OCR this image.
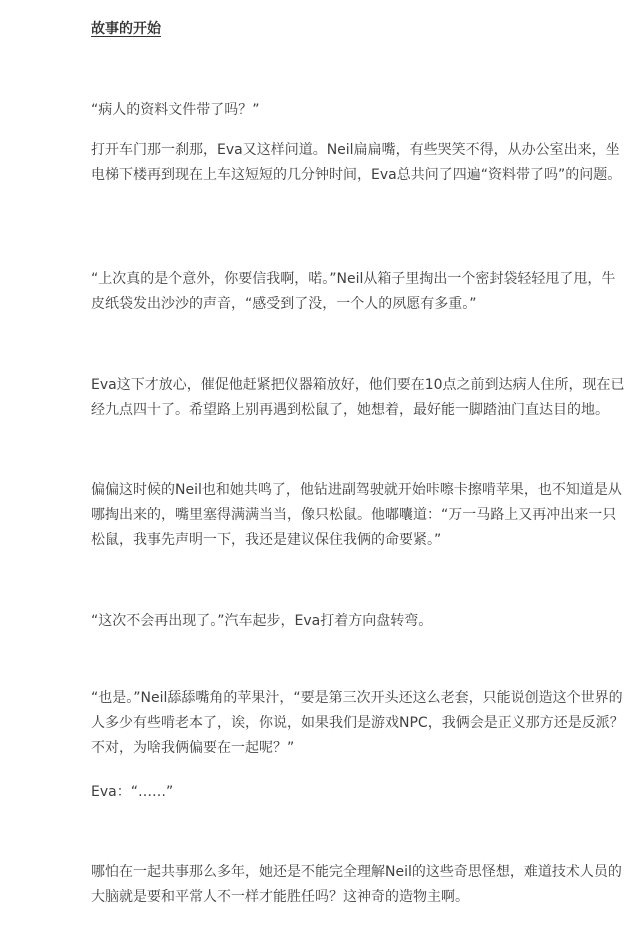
故事的开始

“病人的资料文件带了吗？”

打开车门那一刹那，Eva又这样问道。Neil扁扁嘴，有些哭笑不得，从办公室出来，坐电梯下楼再到现在上车这短短的几分钟时间，Eva总共问了四遍“资料带了吗”的问题。

“上次真的是个意外，你要信我啊，喏。”Neil从箱子里掏出一个密封袋轻轻甩了甩，牛皮纸袋发出沙沙的声音，“感受到了没，一个人的夙愿有多重。”

Eva这下才放心，催促他赶紧把仪器箱放好，他们要在10点之前到达病人住所，现在已经九点四十了。希望路上别再遇到松鼠了，她想着，最好能一脚踏油门直达目的地。

偏偏这时候的Neil也和她共鸣了，他钻进副驾驶就开始咔嚓卡擦啃苹果，也不知道是从哪掏出来的，嘴里塞得满满当当，像只松鼠。他嘟囔道：“万一马路上又再冲出来一只松鼠，我事先声明一下，我还是建议保住我俩的命要紧。”

“这次不会再出现了。”汽车起步，Eva打着方向盘转弯。

“也是。”Neil舔舔嘴角的苹果汁，“要是第三次开头还这么老套，只能说创造这个世界的人多少有些啃老本了，诶，你说，如果我们是游戏NPC，我俩会是正义那方还是反派？不对，为啥我俩偏要在一起呢？”

Eva：“……”

哪怕在一起共事那么多年，她还是不能完全理解Neil的这些奇思怪想，难道技术人员的大脑就是要和平常人不一样才能胜任吗？这神奇的造物主啊。
